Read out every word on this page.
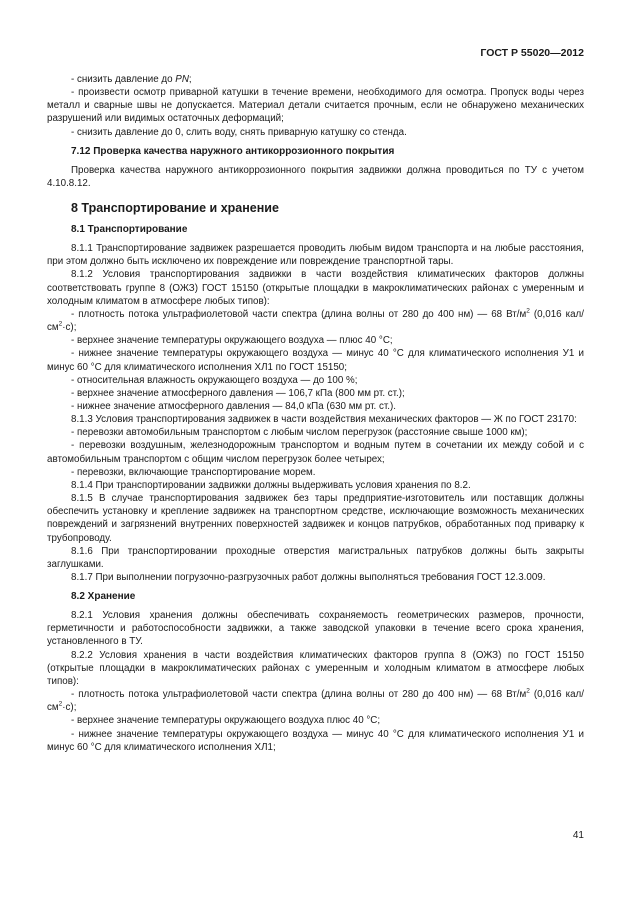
ГОСТ Р 55020—2012

- снизить давление до PN;

- произвести осмотр приварной катушки в течение времени, необходимого для осмотра. Пропуск воды через металл и сварные швы не допускается. Материал детали считается прочным, если не обнаружено механических разрушений или видимых остаточных деформаций;

- снизить давление до 0, слить воду, снять приварную катушку со стенда.

7.12 Проверка качества наружного антикоррозионного покрытия

Проверка качества наружного антикоррозионного покрытия задвижки должна проводиться по ТУ с учетом 4.10.8.12.

8 Транспортирование и хранение
8.1 Транспортирование

8.1.1 Транспортирование задвижек разрешается проводить любым видом транспорта и на любые расстояния, при этом должно быть исключено их повреждение или повреждение транспортной тары.

8.1.2 Условия транспортирования задвижки в части воздействия климатических факторов должны соответствовать группе 8 (ОЖЗ) ГОСТ 15150 (открытые площадки в макроклиматических районах с умеренным и холодным климатом в атмосфере любых типов):

- плотность потока ультрафиолетовой части спектра (длина волны от 280 до 400 нм) — 68 $Вт/м^2$ (0,016 кал/$см^2\cdot с$);

- верхнее значение температуры окружающего воздуха — плюс 40 °С;

- нижнее значение температуры окружающего воздуха — минус 40 °С для климатического исполнения У1 и минус 60 °С для климатического исполнения ХЛ1 по ГОСТ 15150;

- относительная влажность окружающего воздуха — до 100 %;

- верхнее значение атмосферного давления — 106,7 кПа (800 мм рт. ст.);

- нижнее значение атмосферного давления — 84,0 кПа (630 мм рт. ст.).

8.1.3 Условия транспортирования задвижек в части воздействия механических факторов — Ж по ГОСТ 23170:

- перевозки автомобильным транспортом с любым числом перегрузок (расстояние свыше 1000 км);

- перевозки воздушным, железнодорожным транспортом и водным путем в сочетании их между собой и с автомобильным транспортом с общим числом перегрузок более четырех;

- перевозки, включающие транспортирование морем.

8.1.4 При транспортировании задвижки должны выдерживать условия хранения по 8.2.

8.1.5 В случае транспортирования задвижек без тары предприятие-изготовитель или поставщик должны обеспечить установку и крепление задвижек на транспортном средстве, исключающие возможность механических повреждений и загрязнений внутренних поверхностей задвижек и концов патрубков, обработанных под приварку к трубопроводу.

8.1.6 При транспортировании проходные отверстия магистральных патрубков должны быть закрыты заглушками.

8.1.7 При выполнении погрузочно-разгрузочных работ должны выполняться требования ГОСТ 12.3.009.

8.2 Хранение

8.2.1 Условия хранения должны обеспечивать сохраняемость геометрических размеров, прочности, герметичности и работоспособности задвижки, а также заводской упаковки в течение всего срока хранения, установленного в ТУ.

8.2.2 Условия хранения в части воздействия климатических факторов группа 8 (ОЖЗ) по ГОСТ 15150 (открытые площадки в макроклиматических районах с умеренным и холодным климатом в атмосфере любых типов):

- плотность потока ультрафиолетовой части спектра (длина волны от 280 до 400 нм) — 68 $Вт/м^2$ (0,016 кал/$см^2\cdot с$);

- верхнее значение температуры окружающего воздуха плюс 40 °С;

- нижнее значение температуры окружающего воздуха — минус 40 °С для климатического исполнения У1 и минус 60 °С для климатического исполнения ХЛ1;

41
